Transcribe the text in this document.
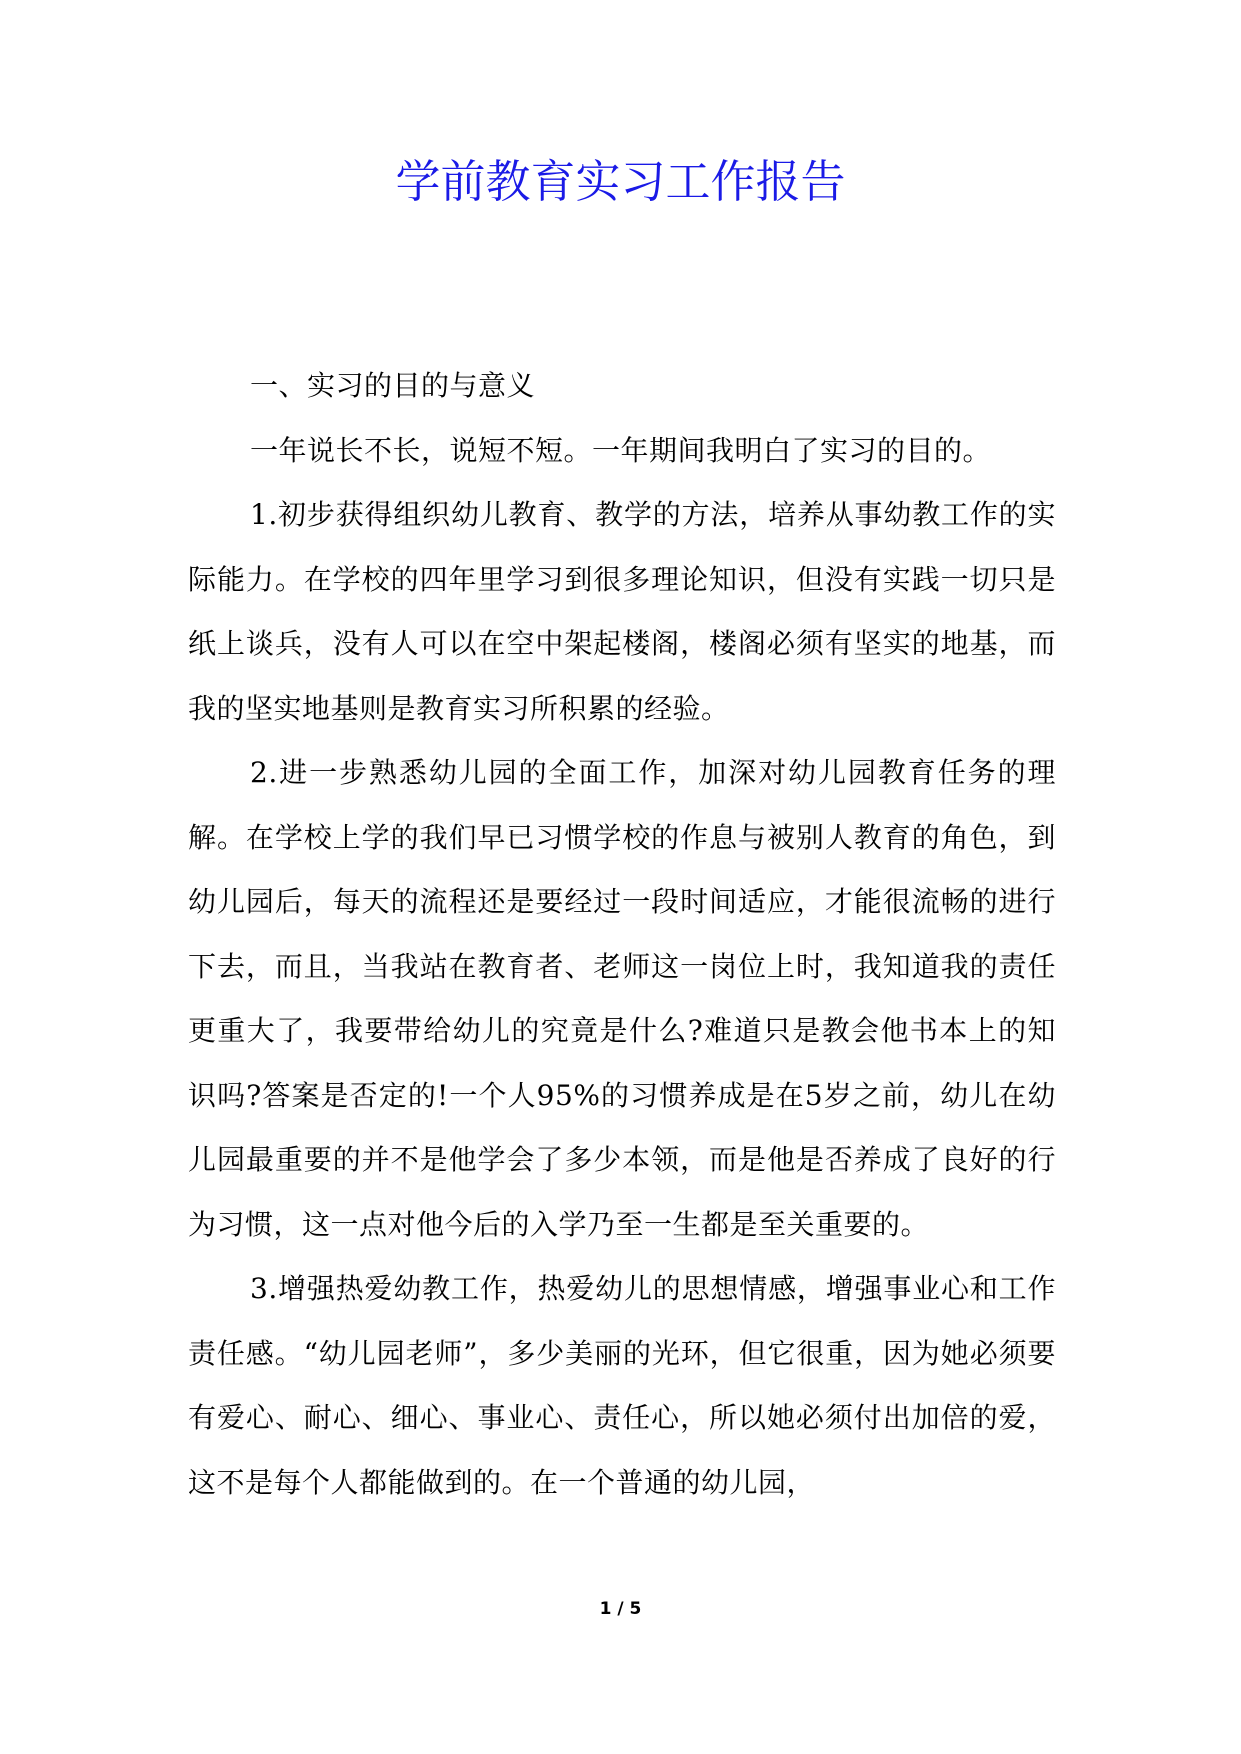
学前教育实习工作报告

一、实习的目的与意义

一年说长不长，说短不短。一年期间我明白了实习的目的。

1.初步获得组织幼儿教育、教学的方法，培养从事幼教工作的实际能力。在学校的四年里学习到很多理论知识，但没有实践一切只是纸上谈兵，没有人可以在空中架起楼阁，楼阁必须有坚实的地基，而我的坚实地基则是教育实习所积累的经验。

2.进一步熟悉幼儿园的全面工作，加深对幼儿园教育任务的理解。在学校上学的我们早已习惯学校的作息与被别人教育的角色，到幼儿园后，每天的流程还是要经过一段时间适应，才能很流畅的进行下去，而且，当我站在教育者、老师这一岗位上时，我知道我的责任更重大了，我要带给幼儿的究竟是什么?难道只是教会他书本上的知识吗?答案是否定的!一个人95%的习惯养成是在5岁之前，幼儿在幼儿园最重要的并不是他学会了多少本领，而是他是否养成了良好的行为习惯，这一点对他今后的入学乃至一生都是至关重要的。

3.增强热爱幼教工作，热爱幼儿的思想情感，增强事业心和工作责任感。“幼儿园老师”，多少美丽的光环，但它很重，因为她必须要有爱心、耐心、细心、事业心、责任心，所以她必须付出加倍的爱，这不是每个人都能做到的。在一个普通的幼儿园，

1 / 5
